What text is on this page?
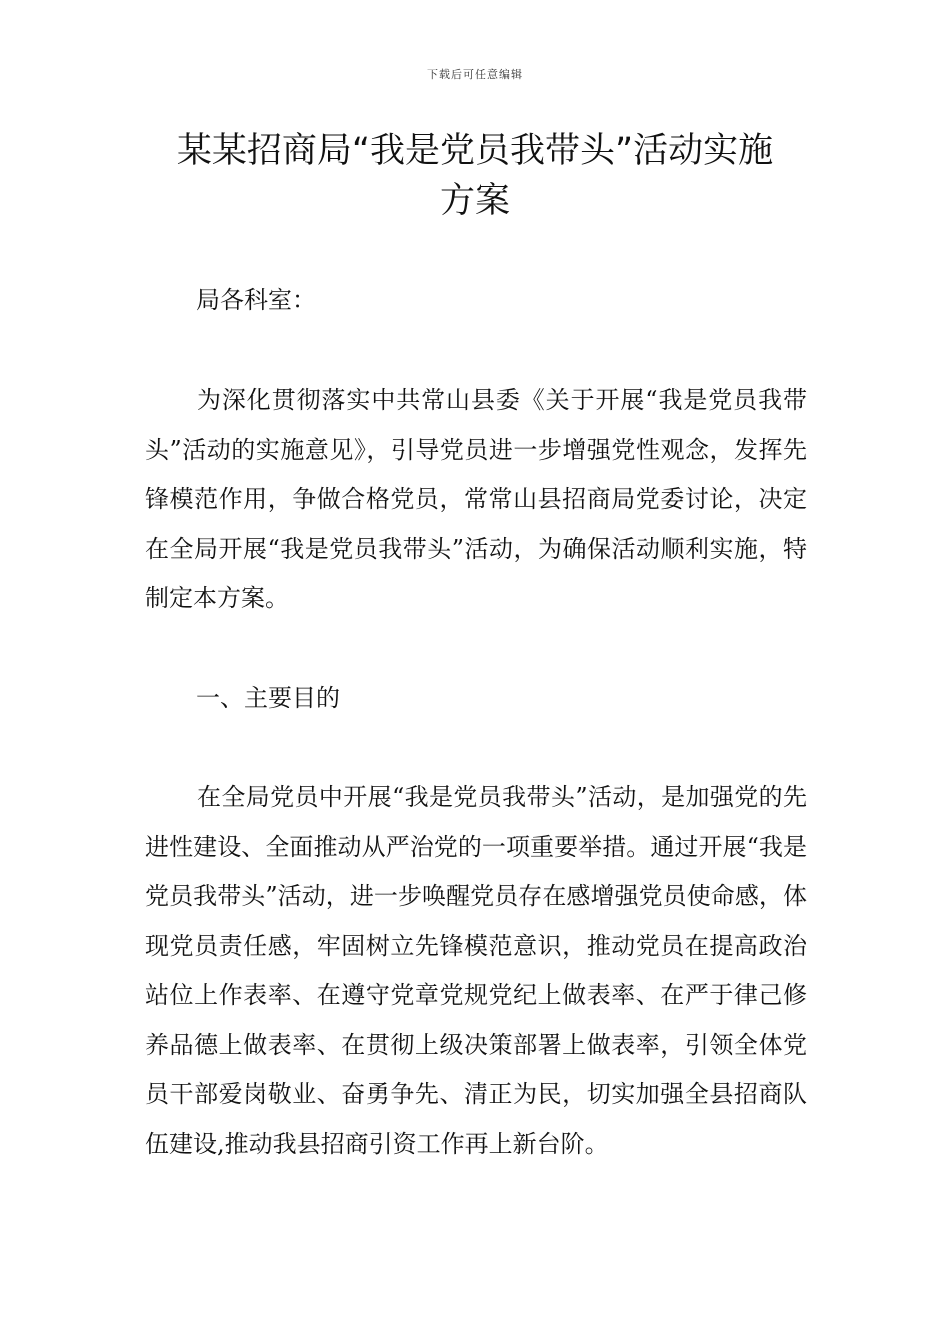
下载后可任意编辑
某某招商局“我是党员我带头”活动实施
方案
局各科室：

为深化贯彻落实中共常山县委《关于开展“我是党员我带头”活动的实施意见》，引导党员进一步增强党性观念，发挥先锋模范作用，争做合格党员，常常山县招商局党委讨论，决定在全局开展“我是党员我带头”活动，为确保活动顺利实施，特制定本方案。

一、主要目的

在全局党员中开展“我是党员我带头”活动，是加强党的先进性建设、全面推动从严治党的一项重要举措。通过开展“我是党员我带头”活动，进一步唤醒党员存在感增强党员使命感，体现党员责任感，牢固树立先锋模范意识，推动党员在提高政治站位上作表率、在遵守党章党规党纪上做表率、在严于律己修养品德上做表率、在贯彻上级决策部署上做表率，引领全体党员干部爱岗敬业、奋勇争先、清正为民，切实加强全县招商队伍建设,推动我县招商引资工作再上新台阶。
